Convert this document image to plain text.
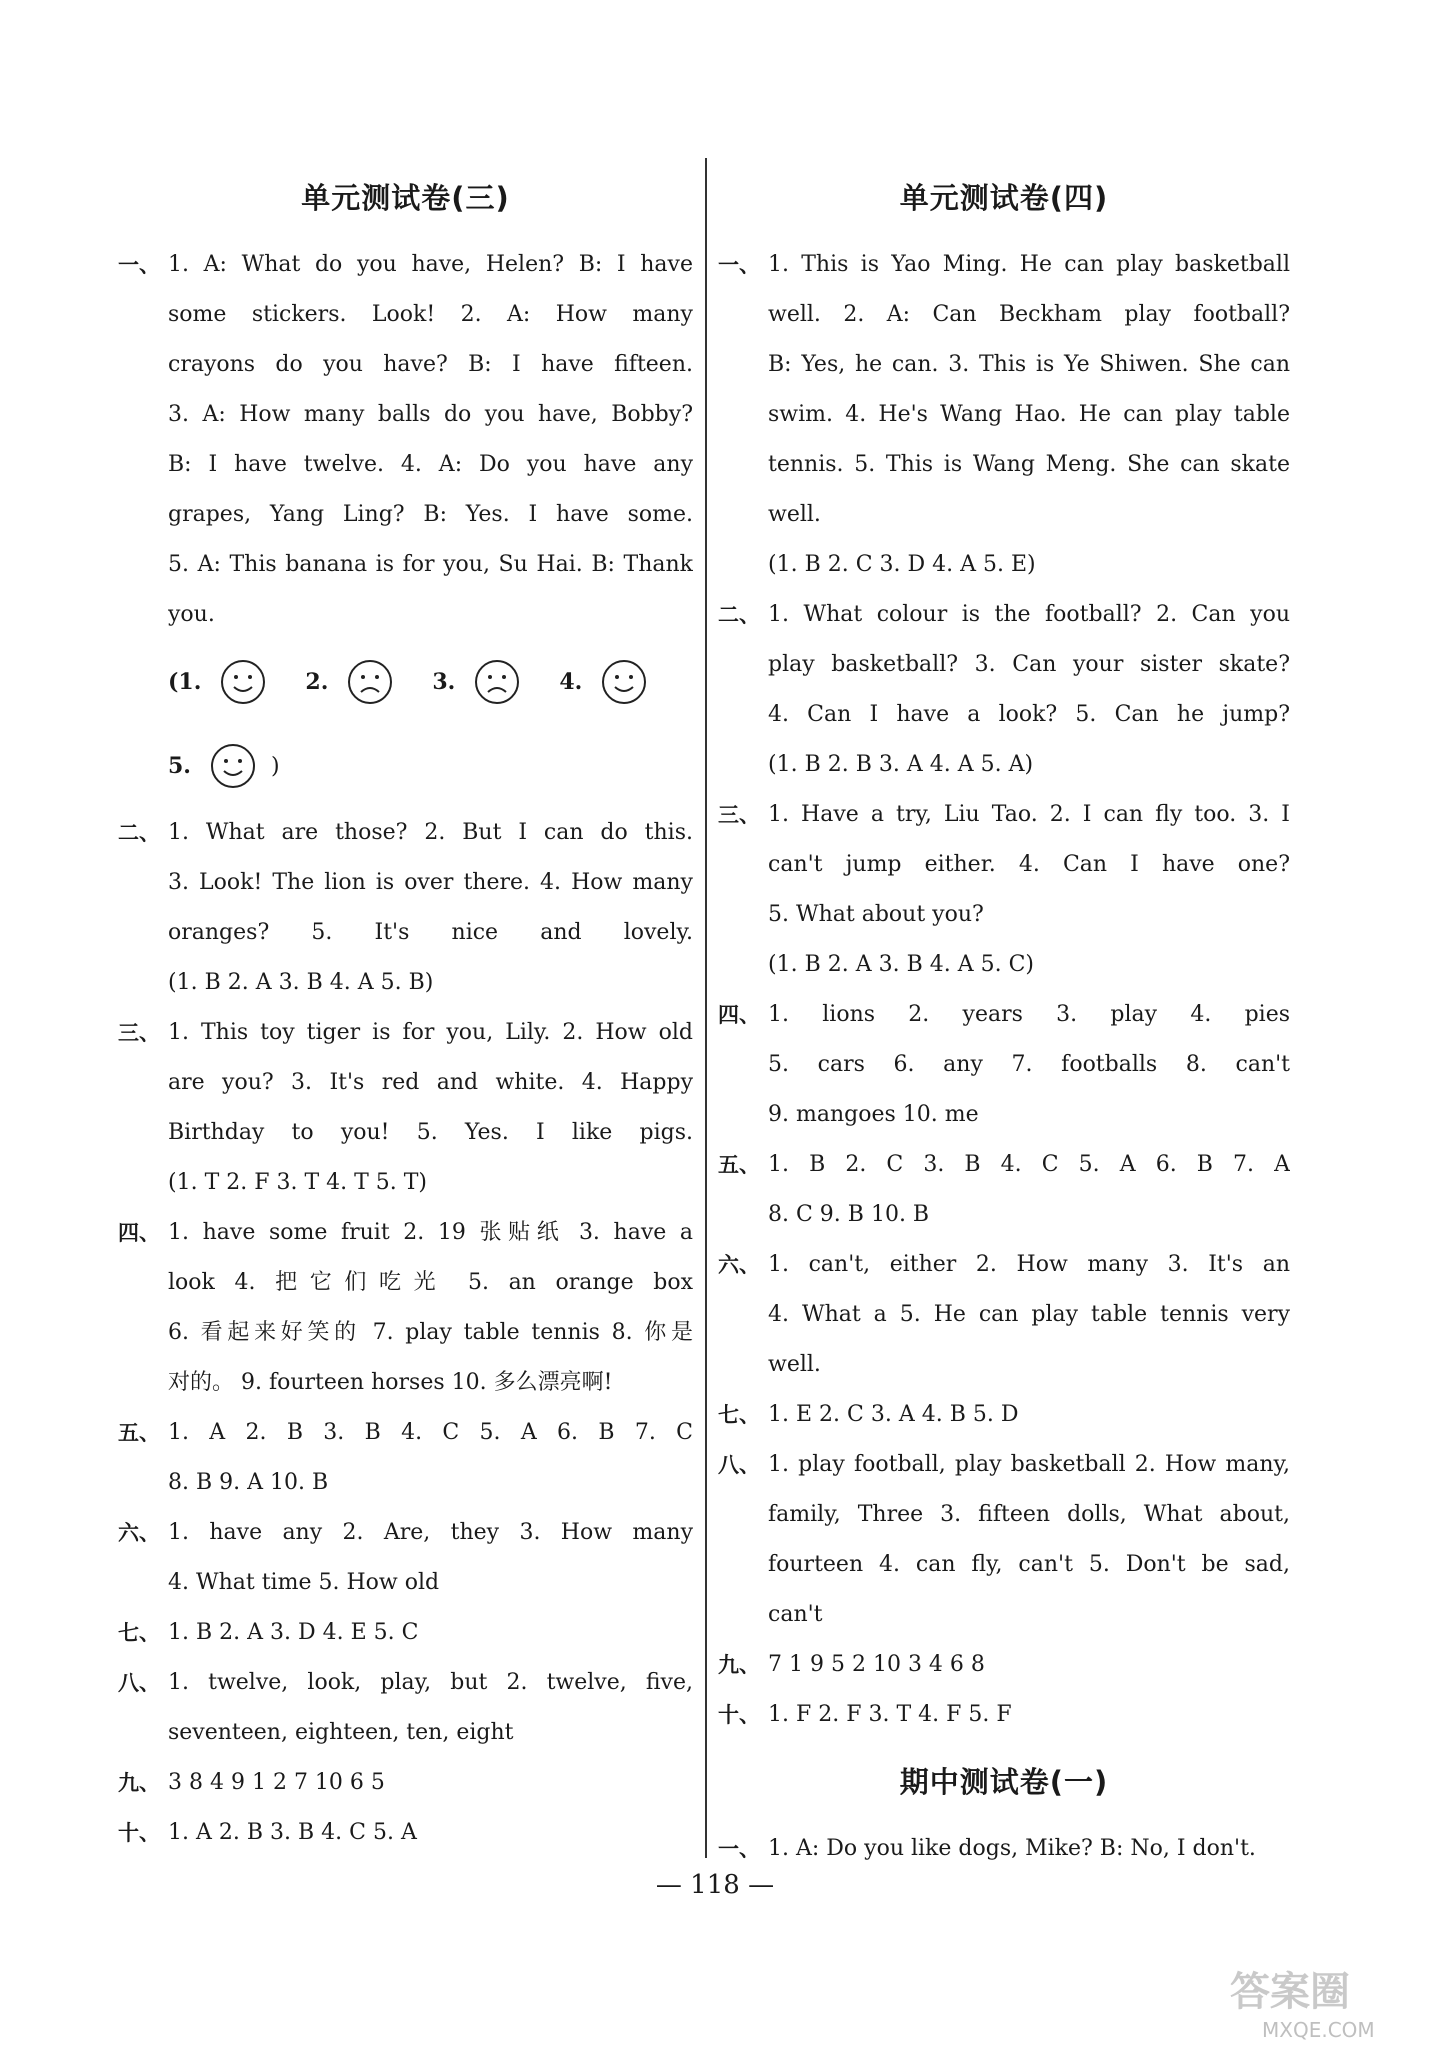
单元测试卷(三)
一、 1. A: What do you have, Helen? B: I have
some stickers. Look! 2. A: How many
crayons do you have? B: I have fifteen.
3. A: How many balls do you have, Bobby?
B: I have twelve. 4. A: Do you have any
grapes, Yang Ling? B: Yes. I have some.
5. A: This banana is for you, Su Hai. B: Thank
you.
(1.	2.	3.	4.
5.	)
二、 1. What are those? 2. But I can do this.
3. Look! The lion is over there. 4. How many
oranges? 5. It's nice and lovely.
(1. B 2. A 3. B 4. A 5. B)
三、 1. This toy tiger is for you, Lily. 2. How old
are you? 3. It's red and white. 4. Happy
Birthday to you! 5. Yes. I like pigs.
(1. T 2. F 3. T 4. T 5. T)
四、 1. have some fruit 2. 19 张贴纸 3. have a
look 4. 把它们吃光 5. an orange box
6. 看起来好笑的 7. play table tennis 8. 你是
对的。 9. fourteen horses 10. 多么漂亮啊!
五、 1. A 2. B 3. B 4. C 5. A 6. B 7. C
8. B 9. A 10. B
六、 1. have any 2. Are, they 3. How many
4. What time 5. How old
七、 1. B 2. A 3. D 4. E 5. C
八、 1. twelve, look, play, but 2. twelve, five,
seventeen, eighteen, ten, eight
九、 3 8 4 9 1 2 7 10 6 5
十、 1. A 2. B 3. B 4. C 5. A
单元测试卷(四)
一、 1. This is Yao Ming. He can play basketball
well. 2. A: Can Beckham play football?
B: Yes, he can. 3. This is Ye Shiwen. She can
swim. 4. He's Wang Hao. He can play table
tennis. 5. This is Wang Meng. She can skate
well.
(1. B 2. C 3. D 4. A 5. E)
二、 1. What colour is the football? 2. Can you
play basketball? 3. Can your sister skate?
4. Can I have a look? 5. Can he jump?
(1. B 2. B 3. A 4. A 5. A)
三、 1. Have a try, Liu Tao. 2. I can fly too. 3. I
can't jump either. 4. Can I have one?
5. What about you?
(1. B 2. A 3. B 4. A 5. C)
四、 1. lions 2. years 3. play 4. pies
5. cars 6. any 7. footballs 8. can't
9. mangoes 10. me
五、 1. B 2. C 3. B 4. C 5. A 6. B 7. A
8. C 9. B 10. B
六、 1. can't, either 2. How many 3. It's an
4. What a 5. He can play table tennis very
well.
七、 1. E 2. C 3. A 4. B 5. D
八、 1. play football, play basketball 2. How many,
family, Three 3. fifteen dolls, What about,
fourteen 4. can fly, can't 5. Don't be sad,
can't
九、 7 1 9 5 2 10 3 4 6 8
十、 1. F 2. F 3. T 4. F 5. F
期中测试卷(一)
一、 1. A: Do you like dogs, Mike? B: No, I don't.
— 118 —
答案圈
MXQE.COM
